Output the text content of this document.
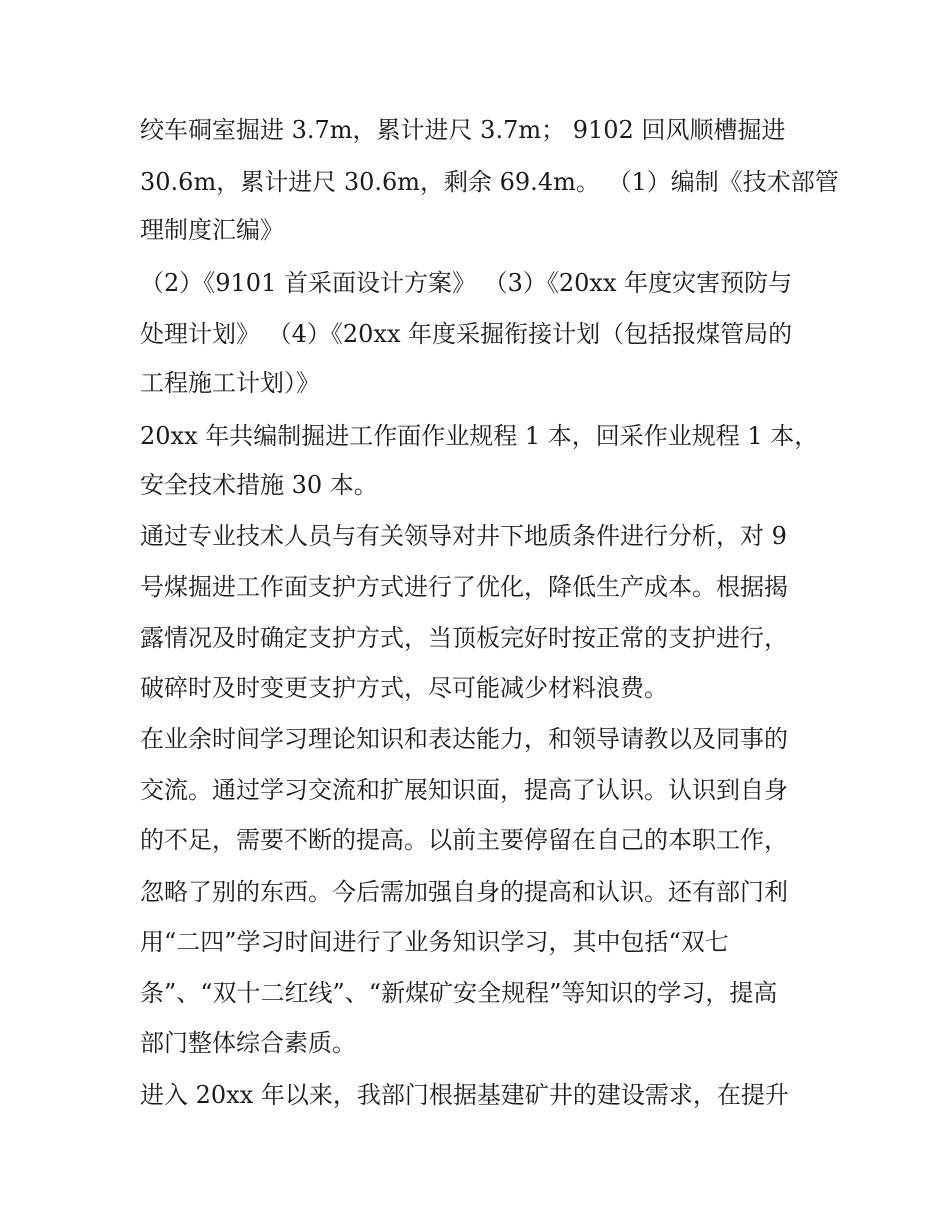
绞车硐室掘进 3.7m，累计进尺 3.7m； 9102 回风顺槽掘进
30.6m，累计进尺 30.6m，剩余 69.4m。 （1）编制《技术部管
理制度汇编》
（2）《9101 首采面设计方案》 （3）《20xx 年度灾害预防与
处理计划》 （4）《20xx 年度采掘衔接计划（包括报煤管局的
工程施工计划）》
20xx 年共编制掘进工作面作业规程 1 本，回采作业规程 1 本，
安全技术措施 30 本。
通过专业技术人员与有关领导对井下地质条件进行分析，对 9
号煤掘进工作面支护方式进行了优化，降低生产成本。根据揭
露情况及时确定支护方式，当顶板完好时按正常的支护进行，
破碎时及时变更支护方式，尽可能减少材料浪费。
在业余时间学习理论知识和表达能力，和领导请教以及同事的
交流。通过学习交流和扩展知识面，提高了认识。认识到自身
的不足，需要不断的提高。以前主要停留在自己的本职工作，
忽略了别的东西。今后需加强自身的提高和认识。还有部门利
用“二四”学习时间进行了业务知识学习，其中包括“双七
条”、“双十二红线”、“新煤矿安全规程”等知识的学习，提高
部门整体综合素质。
进入 20xx 年以来，我部门根据基建矿井的建设需求，在提升
